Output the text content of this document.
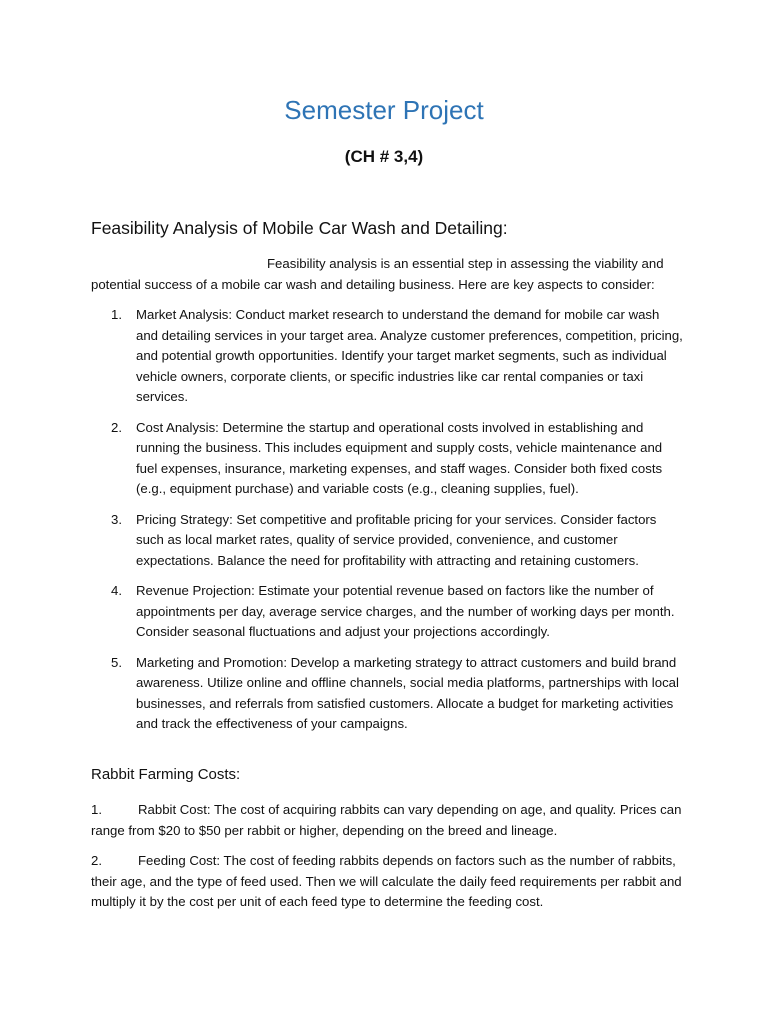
Semester Project
(CH # 3,4)
Feasibility Analysis of Mobile Car Wash and Detailing:

Feasibility analysis is an essential step in assessing the viability and potential success of a mobile car wash and detailing business. Here are key aspects to consider:

1. Market Analysis: Conduct market research to understand the demand for mobile car wash and detailing services in your target area. Analyze customer preferences, competition, pricing, and potential growth opportunities. Identify your target market segments, such as individual vehicle owners, corporate clients, or specific industries like car rental companies or taxi services.
2. Cost Analysis: Determine the startup and operational costs involved in establishing and running the business. This includes equipment and supply costs, vehicle maintenance and fuel expenses, insurance, marketing expenses, and staff wages. Consider both fixed costs (e.g., equipment purchase) and variable costs (e.g., cleaning supplies, fuel).
3. Pricing Strategy: Set competitive and profitable pricing for your services. Consider factors such as local market rates, quality of service provided, convenience, and customer expectations. Balance the need for profitability with attracting and retaining customers.
4. Revenue Projection: Estimate your potential revenue based on factors like the number of appointments per day, average service charges, and the number of working days per month. Consider seasonal fluctuations and adjust your projections accordingly.
5. Marketing and Promotion: Develop a marketing strategy to attract customers and build brand awareness. Utilize online and offline channels, social media platforms, partnerships with local businesses, and referrals from satisfied customers. Allocate a budget for marketing activities and track the effectiveness of your campaigns.
Rabbit Farming Costs:

1.	Rabbit Cost: The cost of acquiring rabbits can vary depending on age, and quality. Prices can range from $20 to $50 per rabbit or higher, depending on the breed and lineage.

2.	Feeding Cost: The cost of feeding rabbits depends on factors such as the number of rabbits, their age, and the type of feed used. Then we will calculate the daily feed requirements per rabbit and multiply it by the cost per unit of each feed type to determine the feeding cost.
